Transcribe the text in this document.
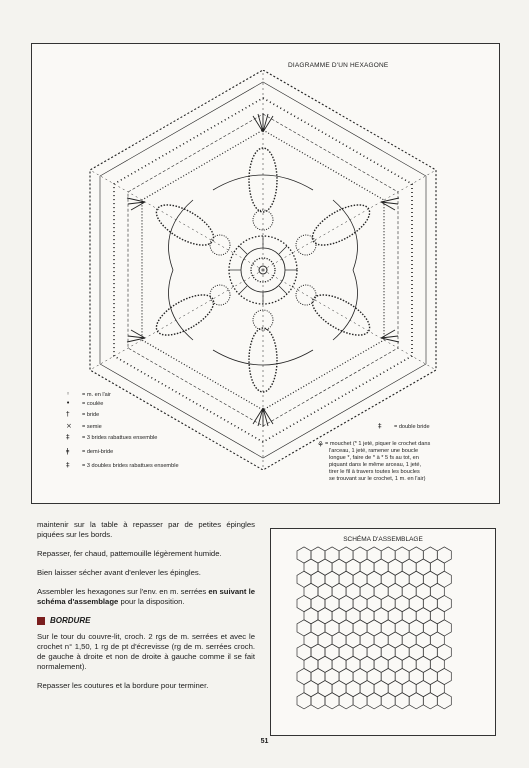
DIAGRAMME D'UN HEXAGONE
◦ = m. en l'air
• = coulée
† = bride
× = semie
‡ = 3 brides rabattues ensemble
ǂ = demi-bride
‡ = 3 doubles brides rabattues ensemble
‡ = double bride
⚘ = mouchet (* 1 jeté, piquer le crochet dans
l'arceau, 1 jeté, ramener une boucle
longue *, faire de * à * 5 fs au tot, en
piquant dans le même arceau, 1 jeté,
tirer le fil à travers toutes les boucles
se trouvant sur le crochet, 1 m. en l'air)

maintenir sur la table à repasser par de petites épingles piquées sur les bords.

Repasser, fer chaud, pattemouille légèrement humide.

Bien laisser sécher avant d'enlever les épingles.

Assembler les hexagones sur l'env. en m. serrées en suivant le schéma d'assemblage pour la disposition.

BORDURE

Sur le tour du couvre-lit, croch. 2 rgs de m. serrées et avec le crochet n° 1,50, 1 rg de pt d'écrevisse (rg de m. serrées croch. de gauche à droite et non de droite à gauche comme il se fait normalement).

Repasser les coutures et la bordure pour terminer.

SCHÉMA D'ASSEMBLAGE
51
